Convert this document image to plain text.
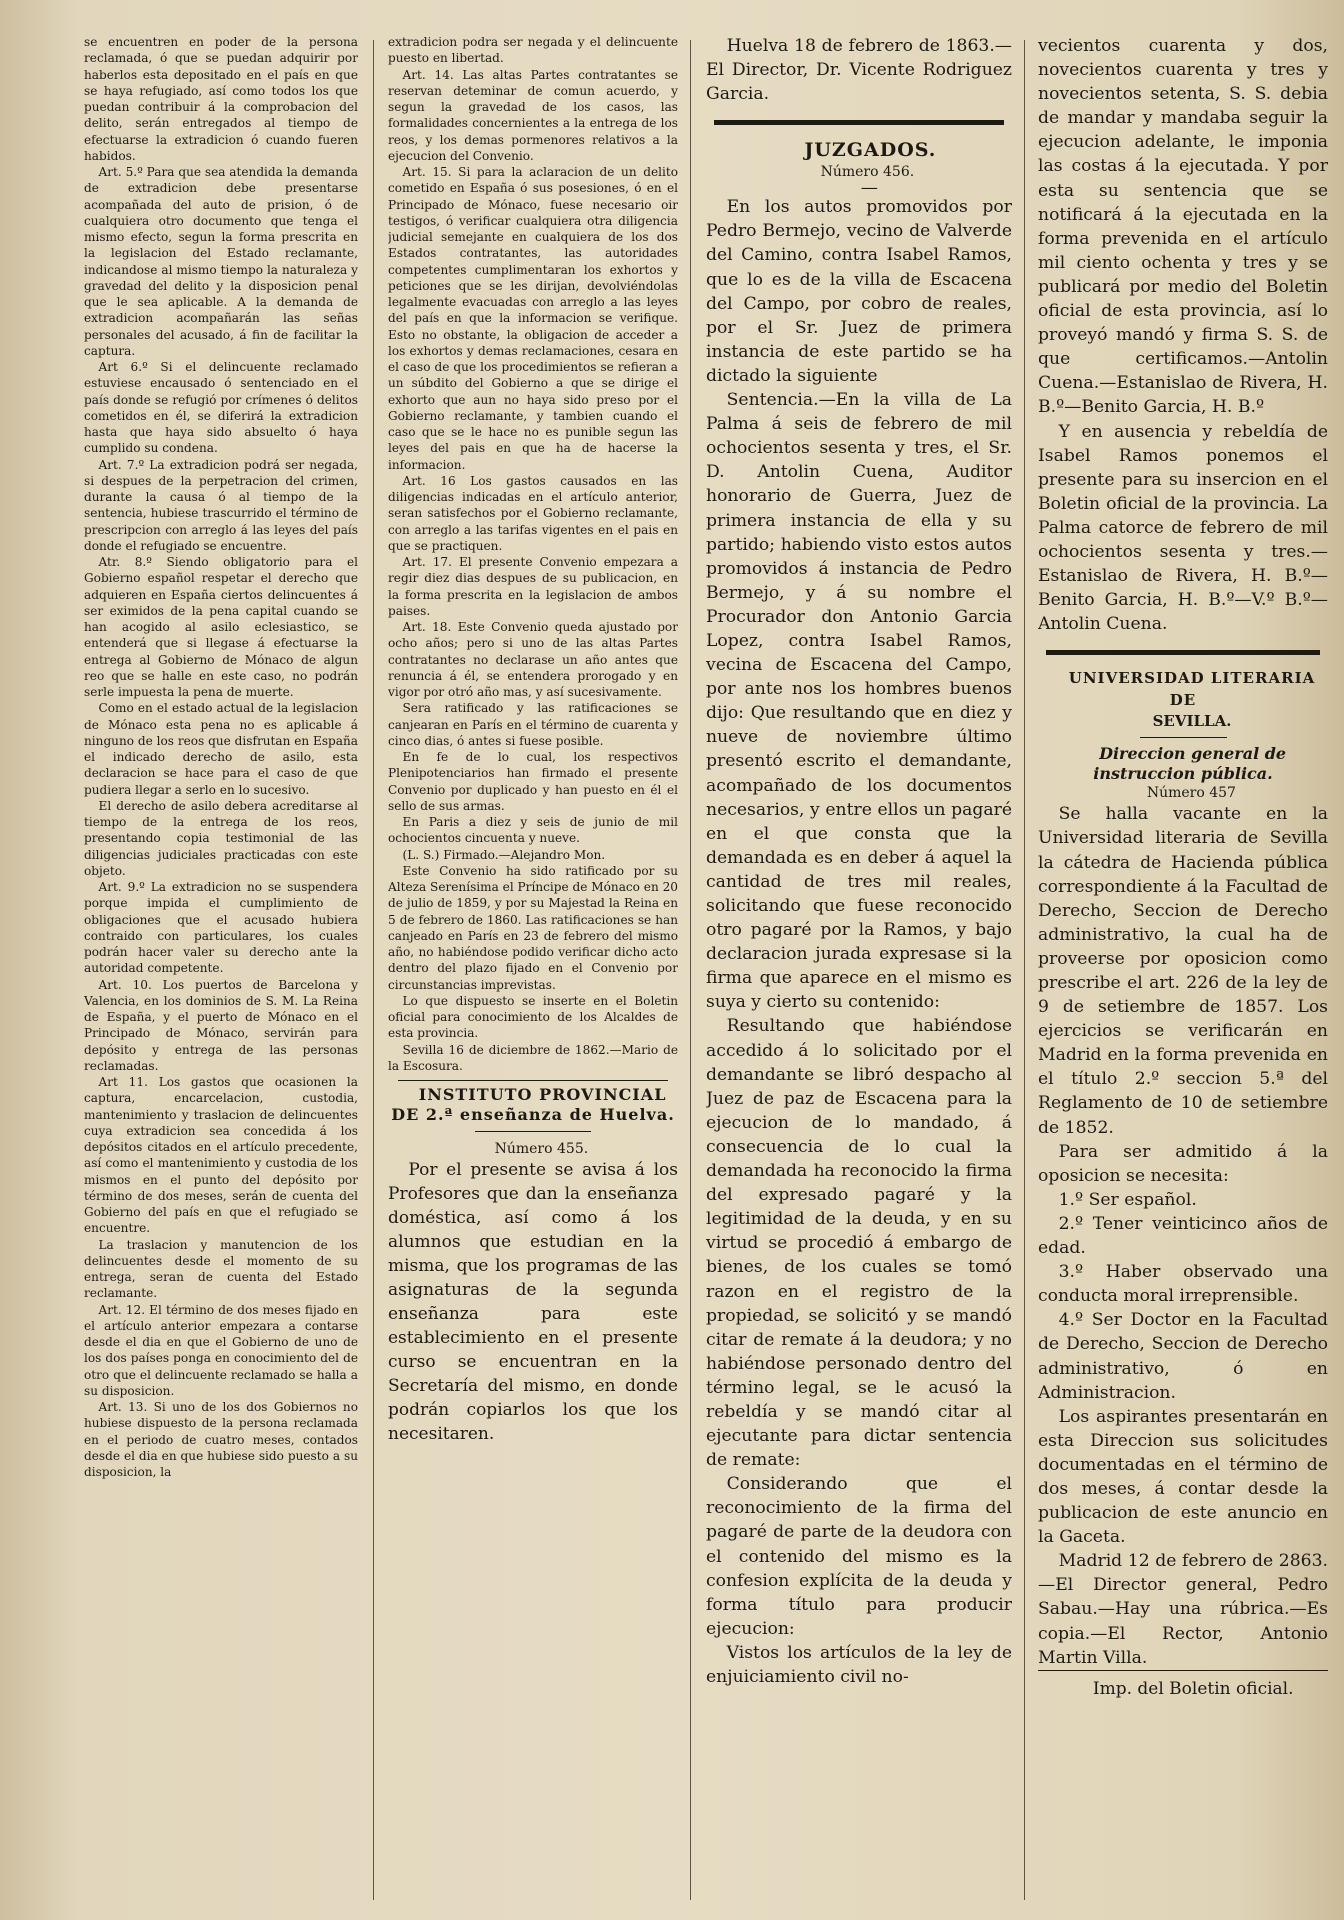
se encuentren en poder de la persona reclamada, ó que se puedan adquirir por haberlos esta depositado en el país en que se haya refugiado, así como todos los que puedan contribuir á la comprobacion del delito, serán entregados al tiempo de efectuarse la extradicion ó cuando fueren habidos.

Art. 5.º Para que sea atendida la demanda de extradicion debe presentarse acompañada del auto de prision, ó de cualquiera otro documento que tenga el mismo efecto, segun la forma prescrita en la legislacion del Estado reclamante, indicandose al mismo tiempo la naturaleza y gravedad del delito y la disposicion penal que le sea aplicable. A la demanda de extradicion acompañarán las señas personales del acusado, á fin de facilitar la captura.

Art 6.º Si el delincuente reclamado estuviese encausado ó sentenciado en el país donde se refugió por crímenes ó delitos cometidos en él, se diferirá la extradicion hasta que haya sido absuelto ó haya cumplido su condena.

Art. 7.º La extradicion podrá ser negada, si despues de la perpetracion del crimen, durante la causa ó al tiempo de la sentencia, hubiese trascurrido el término de prescripcion con arreglo á las leyes del país donde el refugiado se encuentre.

Atr. 8.º Siendo obligatorio para el Gobierno español respetar el derecho que adquieren en España ciertos delincuentes á ser eximidos de la pena capital cuando se han acogido al asilo eclesiastico, se entenderá que si llegase á efectuarse la entrega al Gobierno de Mónaco de algun reo que se halle en este caso, no podrán serle impuesta la pena de muerte.

Como en el estado actual de la legislacion de Mónaco esta pena no es aplicable á ninguno de los reos que disfrutan en España el indicado derecho de asilo, esta declaracion se hace para el caso de que pudiera llegar a serlo en lo sucesivo.

El derecho de asilo debera acreditarse al tiempo de la entrega de los reos, presentando copia testimonial de las diligencias judiciales practicadas con este objeto.

Art. 9.º La extradicion no se suspendera porque impida el cumplimiento de obligaciones que el acusado hubiera contraido con particulares, los cuales podrán hacer valer su derecho ante la autoridad competente.

Art. 10. Los puertos de Barcelona y Valencia, en los dominios de S. M. La Reina de España, y el puerto de Mónaco en el Principado de Mónaco, servirán para depósito y entrega de las personas reclamadas.

Art 11. Los gastos que ocasionen la captura, encarcelacion, custodia, mantenimiento y traslacion de delincuentes cuya extradicion sea concedida á los depósitos citados en el artículo precedente, así como el mantenimiento y custodia de los mismos en el punto del depósito por término de dos meses, serán de cuenta del Gobierno del país en que el refugiado se encuentre.

La traslacion y manutencion de los delincuentes desde el momento de su entrega, seran de cuenta del Estado reclamante.

Art. 12. El término de dos meses fijado en el artículo anterior empezara a contarse desde el dia en que el Gobierno de uno de los dos países ponga en conocimiento del de otro que el delincuente reclamado se halla a su disposicion.

Art. 13. Si uno de los dos Gobiernos no hubiese dispuesto de la persona reclamada en el periodo de cuatro meses, contados desde el dia en que hubiese sido puesto a su disposicion, la

extradicion podra ser negada y el delincuente puesto en libertad.

Art. 14. Las altas Partes contratantes se reservan deteminar de comun acuerdo, y segun la gravedad de los casos, las formalidades concernientes a la entrega de los reos, y los demas pormenores relativos a la ejecucion del Convenio.

Art. 15. Si para la aclaracion de un delito cometido en España ó sus posesiones, ó en el Principado de Mónaco, fuese necesario oir testigos, ó verificar cualquiera otra diligencia judicial semejante en cualquiera de los dos Estados contratantes, las autoridades competentes cumplimentaran los exhortos y peticiones que se les dirijan, devolviéndolas legalmente evacuadas con arreglo a las leyes del país en que la informacion se verifique. Esto no obstante, la obligacion de acceder a los exhortos y demas reclamaciones, cesara en el caso de que los procedimientos se refieran a un súbdito del Gobierno a que se dirige el exhorto que aun no haya sido preso por el Gobierno reclamante, y tambien cuando el caso que se le hace no es punible segun las leyes del pais en que ha de hacerse la informacion.

Art. 16 Los gastos causados en las diligencias indicadas en el artículo anterior, seran satisfechos por el Gobierno reclamante, con arreglo a las tarifas vigentes en el pais en que se practiquen.

Art. 17. El presente Convenio empezara a regir diez dias despues de su publicacion, en la forma prescrita en la legislacion de ambos paises.

Art. 18. Este Convenio queda ajustado por ocho años; pero si uno de las altas Partes contratantes no declarase un año antes que renuncia á él, se entendera prorogado y en vigor por otró año mas, y así sucesivamente.

Sera ratificado y las ratificaciones se canjearan en París en el término de cuarenta y cinco dias, ó antes si fuese posible.

En fe de lo cual, los respectivos Plenipotenciarios han firmado el presente Convenio por duplicado y han puesto en él el sello de sus armas.

En Paris a diez y seis de junio de mil ochocientos cincuenta y nueve.

(L. S.) Firmado.—Alejandro Mon.

Este Convenio ha sido ratificado por su Alteza Serenísima el Príncipe de Mónaco en 20 de julio de 1859, y por su Majestad la Reina en 5 de febrero de 1860. Las ratificaciones se han canjeado en París en 23 de febrero del mismo año, no habiéndose podido verificar dicho acto dentro del plazo fijado en el Convenio por circunstancias imprevistas.

Lo que dispuesto se inserte en el Boletin oficial para conocimiento de los Alcaldes de esta provincia.

Sevilla 16 de diciembre de 1862.—Mario de la Escosura.

INSTITUTO PROVINCIAL DE 2.ª enseñanza de Huelva.

Número 455.

Por el presente se avisa á los Profesores que dan la enseñanza doméstica, así como á los alumnos que estudian en la misma, que los programas de las asignaturas de la segunda enseñanza para este establecimiento en el presente curso se encuentran en la Secretaría del mismo, en donde podrán copiarlos los que los necesitaren.

Huelva 18 de febrero de 1863.—El Director, Dr. Vicente Rodriguez Garcia.

JUZGADOS.

Número 456.

—

En los autos promovidos por Pedro Bermejo, vecino de Valverde del Camino, contra Isabel Ramos, que lo es de la villa de Escacena del Campo, por cobro de reales, por el Sr. Juez de primera instancia de este partido se ha dictado la siguiente

Sentencia.—En la villa de La Palma á seis de febrero de mil ochocientos sesenta y tres, el Sr. D. Antolin Cuena, Auditor honorario de Guerra, Juez de primera instancia de ella y su partido; habiendo visto estos autos promovidos á instancia de Pedro Bermejo, y á su nombre el Procurador don Antonio Garcia Lopez, contra Isabel Ramos, vecina de Escacena del Campo, por ante nos los hombres buenos dijo: Que resultando que en diez y nueve de noviembre último presentó escrito el demandante, acompañado de los documentos necesarios, y entre ellos un pagaré en el que consta que la demandada es en deber á aquel la cantidad de tres mil reales, solicitando que fuese reconocido otro pagaré por la Ramos, y bajo declaracion jurada expresase si la firma que aparece en el mismo es suya y cierto su contenido:

Resultando que habiéndose accedido á lo solicitado por el demandante se libró despacho al Juez de paz de Escacena para la ejecucion de lo mandado, á consecuencia de lo cual la demandada ha reconocido la firma del expresado pagaré y la legitimidad de la deuda, y en su virtud se procedió á embargo de bienes, de los cuales se tomó razon en el registro de la propiedad, se solicitó y se mandó citar de remate á la deudora; y no habiéndose personado dentro del término legal, se le acusó la rebeldía y se mandó citar al ejecutante para dictar sentencia de remate:

Considerando que el reconocimiento de la firma del pagaré de parte de la deudora con el contenido del mismo es la confesion explícita de la deuda y forma título para producir ejecucion:

Vistos los artículos de la ley de enjuiciamiento civil no-

vecientos cuarenta y dos, novecientos cuarenta y tres y novecientos setenta, S. S. debia de mandar y mandaba seguir la ejecucion adelante, le imponia las costas á la ejecutada. Y por esta su sentencia que se notificará á la ejecutada en la forma prevenida en el artículo mil ciento ochenta y tres y se publicará por medio del Boletin oficial de esta provincia, así lo proveyó mandó y firma S. S. de que certificamos.—Antolin Cuena.—Estanislao de Rivera, H. B.º—Benito Garcia, H. B.º

Y en ausencia y rebeldía de Isabel Ramos ponemos el presente para su insercion en el Boletin oficial de la provincia. La Palma catorce de febrero de mil ochocientos sesenta y tres.—Estanislao de Rivera, H. B.º—Benito Garcia, H. B.º—V.º B.º—Antolin Cuena.

UNIVERSIDAD LITERARIA DE

SEVILLA.

Direccion general de instruccion pública.

Número 457

Se halla vacante en la Universidad literaria de Sevilla la cátedra de Hacienda pública correspondiente á la Facultad de Derecho, Seccion de Derecho administrativo, la cual ha de proveerse por oposicion como prescribe el art. 226 de la ley de 9 de setiembre de 1857. Los ejercicios se verificarán en Madrid en la forma prevenida en el título 2.º seccion 5.ª del Reglamento de 10 de setiembre de 1852.

Para ser admitido á la oposicion se necesita:

1.º Ser español.

2.º Tener veinticinco años de edad.

3.º Haber observado una conducta moral irreprensible.

4.º Ser Doctor en la Facultad de Derecho, Seccion de Derecho administrativo, ó en Administracion.

Los aspirantes presentarán en esta Direccion sus solicitudes documentadas en el término de dos meses, á contar desde la publicacion de este anuncio en la Gaceta.

Madrid 12 de febrero de 2863.—El Director general, Pedro Sabau.—Hay una rúbrica.—Es copia.—El Rector, Antonio Martin Villa.

Imp. del Boletin oficial.
